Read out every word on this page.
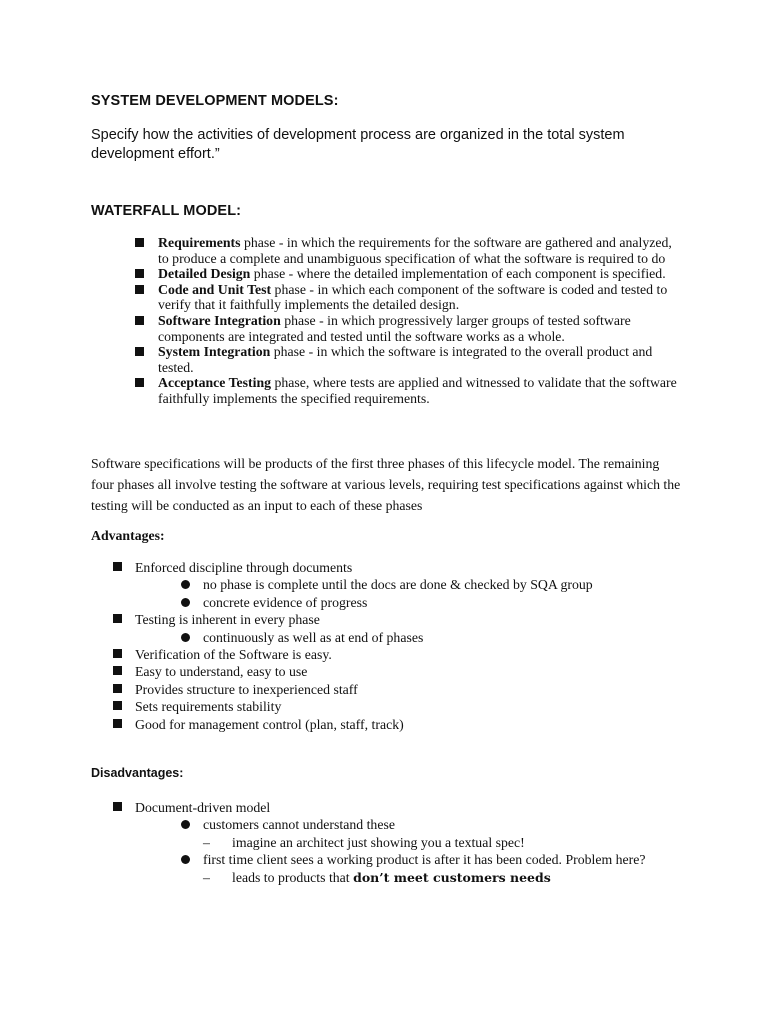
SYSTEM DEVELOPMENT MODELS:
Specify how the activities of development process are organized in the total system development effort.”
WATERFALL MODEL:
Requirements phase - in which the requirements for the software are gathered and analyzed, to produce a complete and unambiguous specification of what the software is required to do
Detailed Design phase - where the detailed implementation of each component is specified.
Code and Unit Test phase - in which each component of the software is coded and tested to verify that it faithfully implements the detailed design.
Software Integration phase - in which progressively larger groups of tested software components are integrated and tested until the software works as a whole.
System Integration phase - in which the software is integrated to the overall product and tested.
Acceptance Testing phase, where tests are applied and witnessed to validate that the software faithfully implements the specified requirements.
Software specifications will be products of the first three phases of this lifecycle model. The remaining four phases all involve testing the software at various levels, requiring test specifications against which the testing will be conducted as an input to each of these phases
Advantages:
Enforced discipline through documents
no phase is complete until the docs are done & checked by SQA group
concrete evidence of progress
Testing is inherent in every phase
continuously as well as at end of phases
Verification of the Software is easy.
Easy to understand, easy to use
Provides structure to inexperienced staff
Sets requirements stability
Good for management control (plan, staff, track)
Disadvantages:
Document-driven model
customers cannot understand these
– imagine an architect just showing you a textual spec!
first time client sees a working product is after it has been coded. Problem here?
– leads to products that don’t meet customers needs
